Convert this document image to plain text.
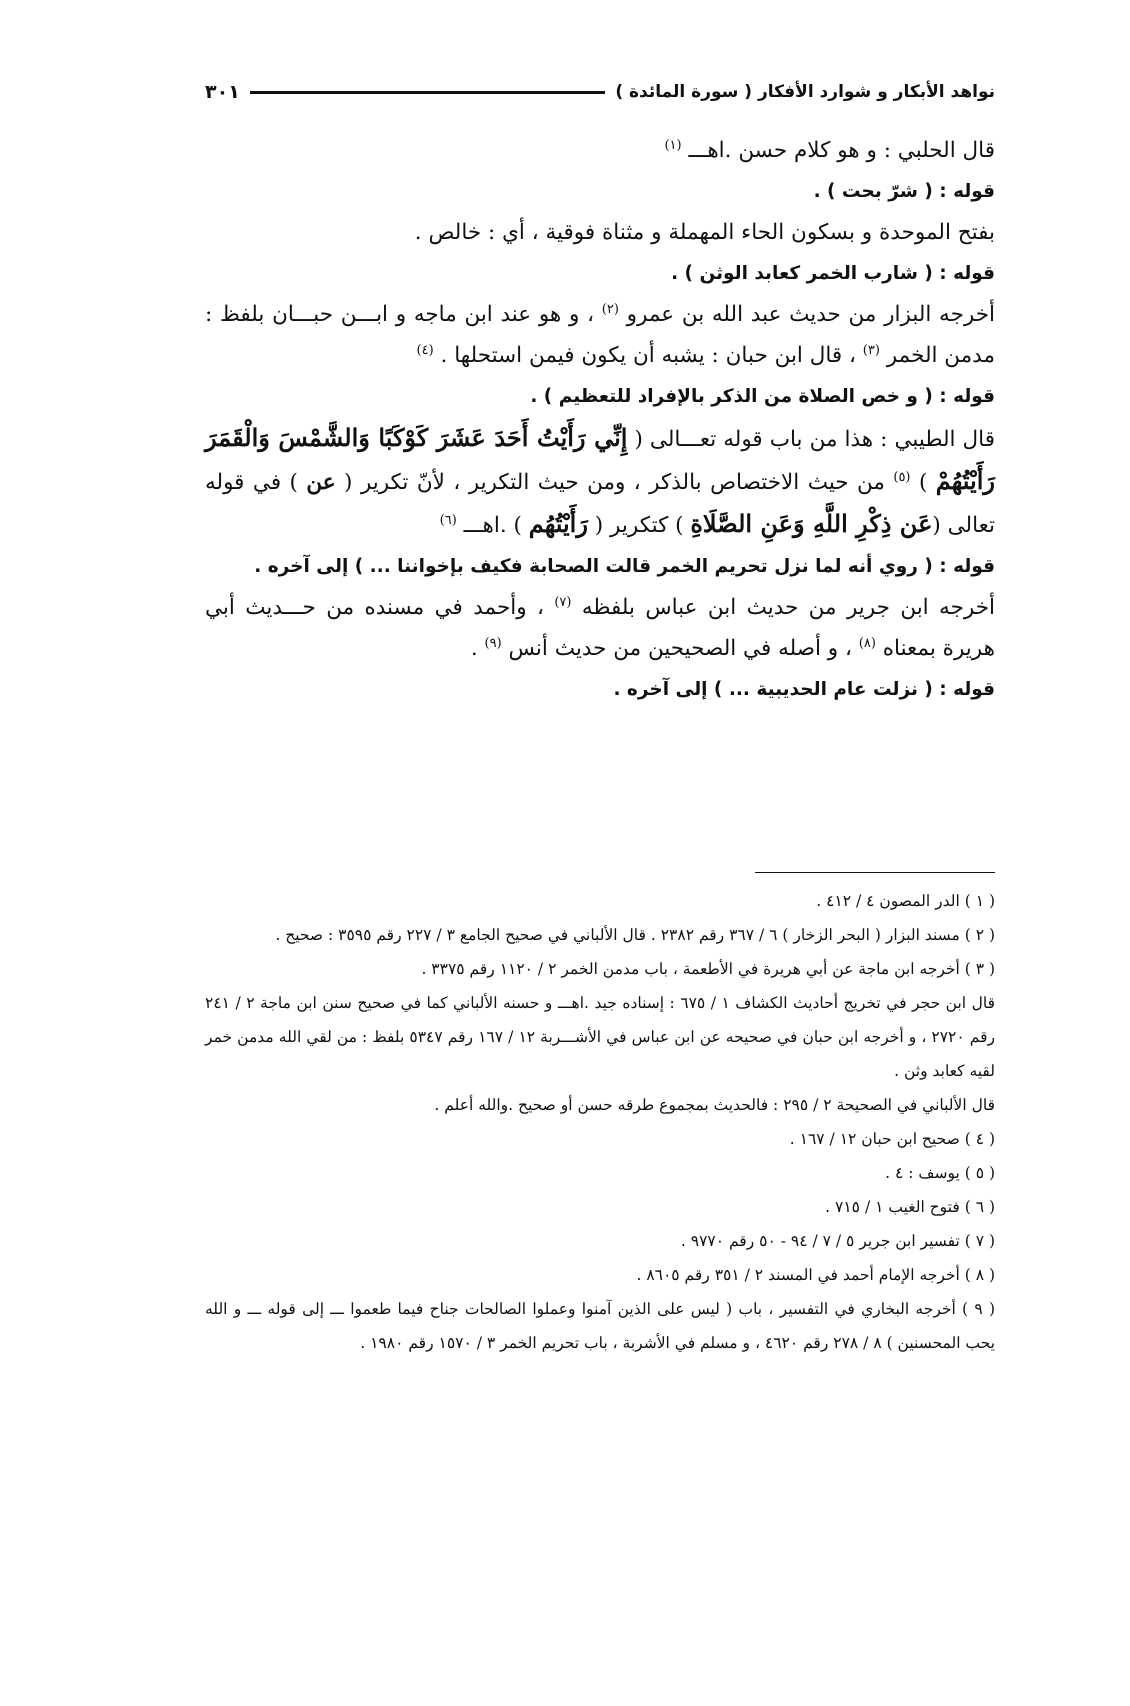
نواهد الأبكار و شوارد الأفكار ( سورة المائدة )
٣٠١

قال الحلبي : و هو كلام حسن .اهـــ $^{(١)}$

قوله : ( شرّ بحت ) .

بفتح الموحدة و بسكون الحاء المهملة و مثناة فوقية ، أي : خالص .

قوله : ( شارب الخمر كعابد الوثن ) .

أخرجه البزار من حديث عبد الله بن عمرو $^{(٢)}$ ، و هو عند ابن ماجه و ابـــن حبـــان بلفظ : مدمن الخمر $^{(٣)}$ ، قال ابن حبان : يشبه أن يكون فيمن استحلها . $^{(٤)}$

قوله : ( و خص الصلاة من الذكر بالإفراد للتعظيم ) .

قال الطيبي : هذا من باب قوله تعـــالى ( إِنِّي رَأَيْتُ أَحَدَ عَشَرَ كَوْكَبًا وَالشَّمْسَ وَالْقَمَرَ رَأَيْتُهُمْ ) $^{(٥)}$ من حيث الاختصاص بالذكر ، ومن حيث التكرير ، لأنّ تكرير ( عن ) في قوله تعالى (عَن ذِكْرِ اللَّهِ وَعَنِ الصَّلَاةِ ) كتكرير ( رَأَيْتُهُم ) .اهـــ $^{(٦)}$

قوله : ( روي أنه لما نزل تحريم الخمر قالت الصحابة فكيف بإخواننا ... ) إلى آخره .

أخرجه ابن جرير من حديث ابن عباس بلفظه $^{(٧)}$ ، وأحمد في مسنده من حـــديث أبي هريرة بمعناه $^{(٨)}$ ، و أصله في الصحيحين من حديث أنس $^{(٩)}$ .

قوله : ( نزلت عام الحديبية ... ) إلى آخره .

( ١ ) الدر المصون ٤ / ٤١٢ .

( ٢ ) مسند البزار ( البحر الزخار ) ٦ / ٣٦٧ رقم ٢٣٨٢ . قال الألباني في صحيح الجامع ٣ / ٢٢٧ رقم ٣٥٩٥ : صحيح .

( ٣ ) أخرجه ابن ماجة عن أبي هريرة في الأطعمة ، باب مدمن الخمر ٢ / ١١٢٠ رقم ٣٣٧٥ .

قال ابن حجر في تخريج أحاديث الكشاف ١ / ٦٧٥ : إسناده جيد .اهـــ و حسنه الألباني كما في صحيح سنن ابن ماجة ٢ / ٢٤١ رقم ٢٧٢٠ ، و أخرجه ابن حبان في صحيحه عن ابن عباس في الأشـــربة ١٢ / ١٦٧ رقم ٥٣٤٧ بلفظ : من لقي الله مدمن خمر لقيه كعابد وثن .

قال الألباني في الصحيحة ٢ / ٢٩٥ : فالحديث بمجموع طرقه حسن أو صحيح .والله أعلم .

( ٤ ) صحيح ابن حبان ١٢ / ١٦٧ .

( ٥ ) يوسف : ٤ .

( ٦ ) فتوح الغيب ١ / ٧١٥ .

( ٧ ) تفسير ابن جرير ٥ / ٧ / ٩٤ - ٥٠ رقم ٩٧٧٠ .

( ٨ ) أخرجه الإمام أحمد في المسند ٢ / ٣٥١ رقم ٨٦٠٥ .

( ٩ ) أخرجه البخاري في التفسير ، باب ( ليس على الذين آمنوا وعملوا الصالحات جناح فيما طعموا ـــ إلى قوله ـــ و الله يحب المحسنين ) ٨ / ٢٧٨ رقم ٤٦٢٠ ، و مسلم في الأشربة ، باب تحريم الخمر ٣ / ١٥٧٠ رقم ١٩٨٠ .
